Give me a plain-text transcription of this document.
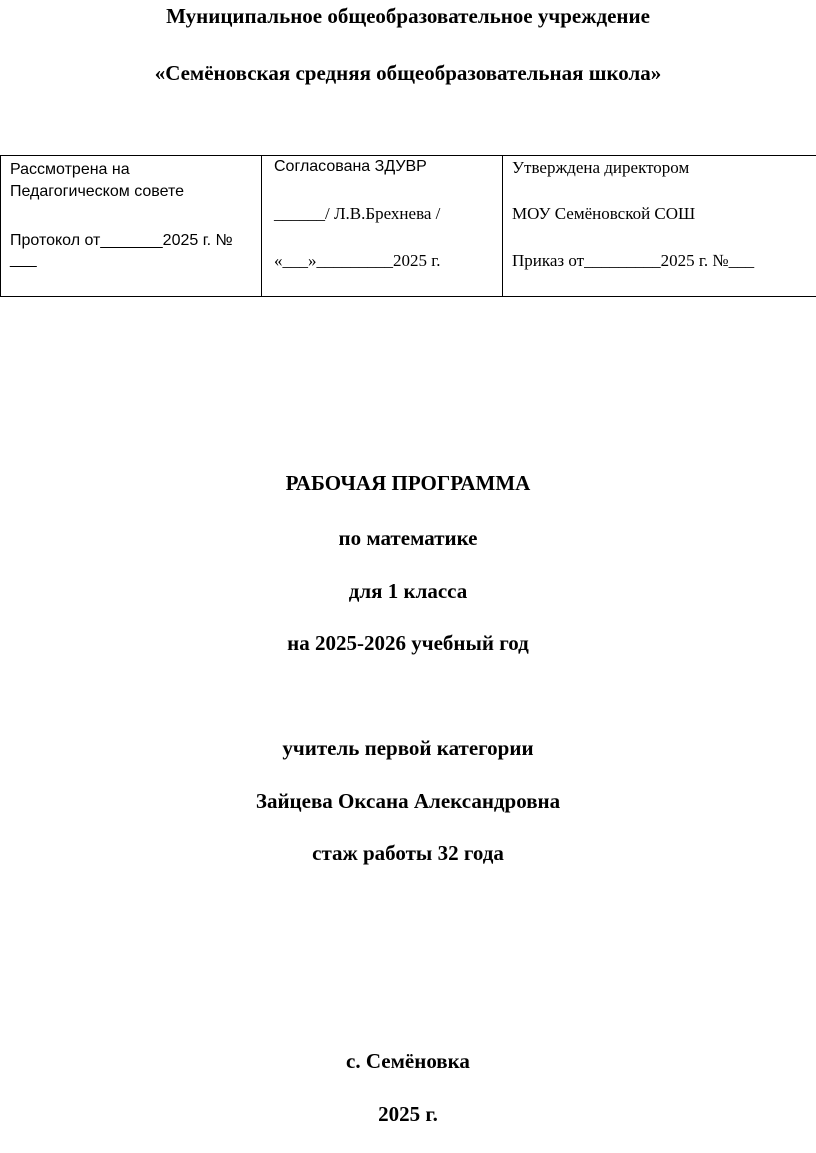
Муниципальное общеобразовательное учреждение
«Семёновская средняя общеобразовательная школа»
Рассмотрена на
Педагогическом совете
Протокол от_______2025 г. №
___

Согласована ЗДУВР
______/ Л.В.Брехнева /
«___»_________2025 г.

Утверждена директором
МОУ Семёновской СОШ
Приказ от_________2025 г. №___
РАБОЧАЯ ПРОГРАММА
по математике
для 1 класса
на 2025-2026 учебный год
учитель первой категории
Зайцева Оксана Александровна
стаж работы 32 года
с. Семёновка
2025 г.
